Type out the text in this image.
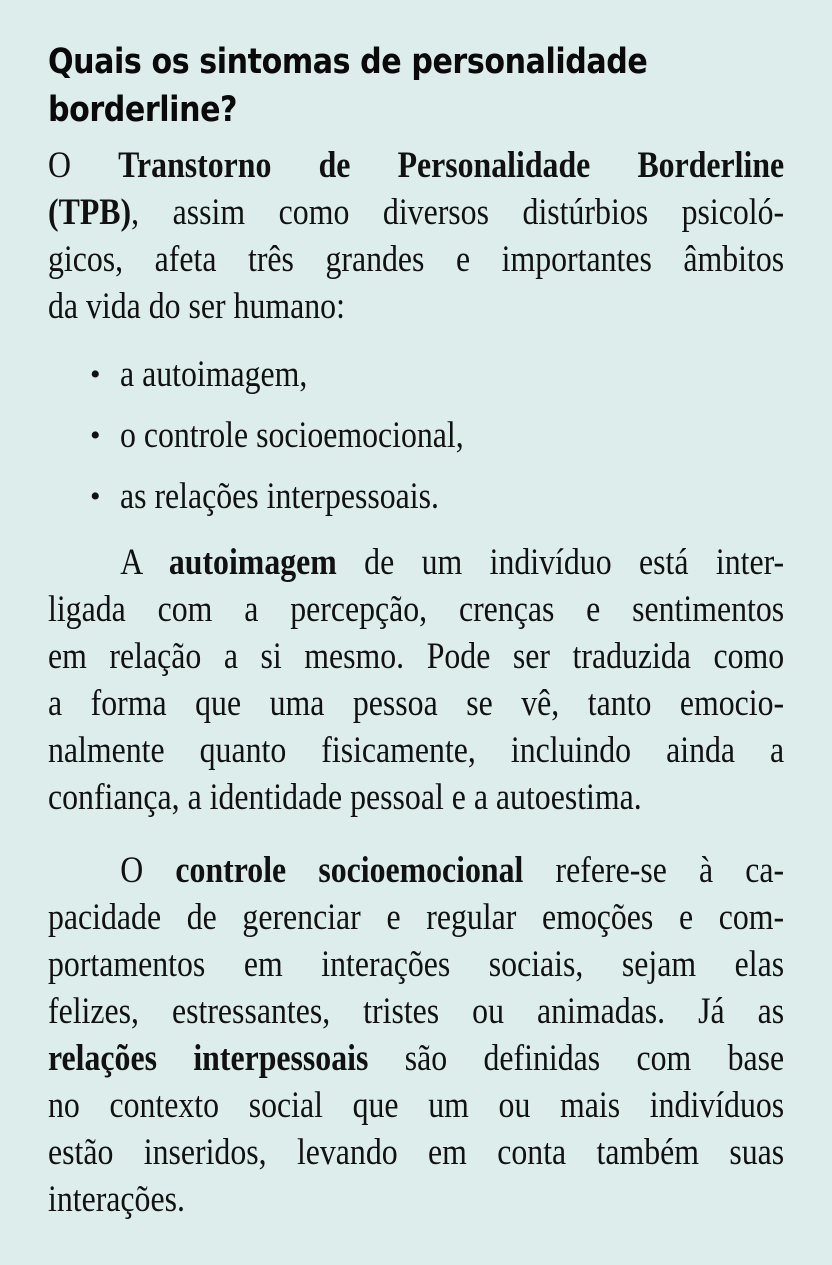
Quais os sintomas de personalidade
borderline?
O Transtorno de Personalidade Borderline
(TPB), assim como diversos distúrbios psicoló-
gicos, afeta três grandes e importantes âmbitos
da vida do ser humano:
• a autoimagem,
• o controle socioemocional,
• as relações interpessoais.
A autoimagem de um indivíduo está inter-
ligada com a percepção, crenças e sentimentos
em relação a si mesmo. Pode ser traduzida como
a forma que uma pessoa se vê, tanto emocio-
nalmente quanto fisicamente, incluindo ainda a
confiança, a identidade pessoal e a autoestima.
O controle socioemocional refere-se à ca-
pacidade de gerenciar e regular emoções e com-
portamentos em interações sociais, sejam elas
felizes, estressantes, tristes ou animadas. Já as
relações interpessoais são definidas com base
no contexto social que um ou mais indivíduos
estão inseridos, levando em conta também suas
interações.
